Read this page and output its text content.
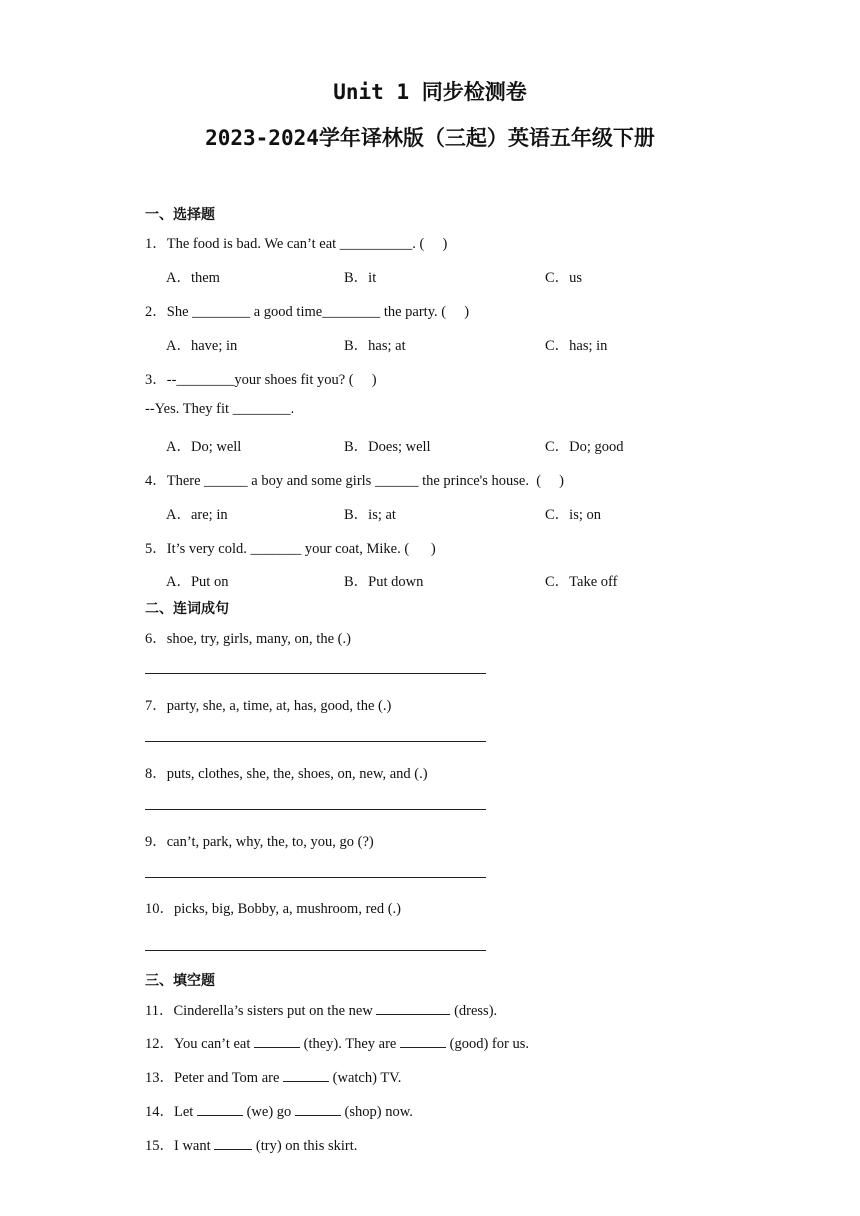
Unit 1 同步检测卷
2023-2024学年译林版（三起）英语五年级下册
一、选择题
1．The food is bad. We can’t eat __________. (     )
A．them	B．it	C．us
2．She ________ a good time________ the party. (     )
A．have; in	B．has; at	C．has; in
3．--________your shoes fit you? (     )
--Yes. They fit ________.
A．Do; well	B．Does; well	C．Do; good
4．There ______ a boy and some girls ______ the prince's house.  (     )
A．are; in	B．is; at	C．is; on
5．It’s very cold. _______ your coat, Mike. (      )
A．Put on	B．Put down	C．Take off
二、连词成句
6．shoe, try, girls, many, on, the (.)
7．party, she, a, time, at, has, good, the (.)
8．puts, clothes, she, the, shoes, on, new, and (.)
9．can’t, park, why, the, to, you, go (?)
10．picks, big, Bobby, a, mushroom, red (.)
三、填空题
11．Cinderella’s sisters put on the new	(dress).
12．You can’t eat	(they). They are	(good) for us.
13．Peter and Tom are	(watch) TV.
14．Let	(we) go	(shop) now.
15．I want	(try) on this skirt.
